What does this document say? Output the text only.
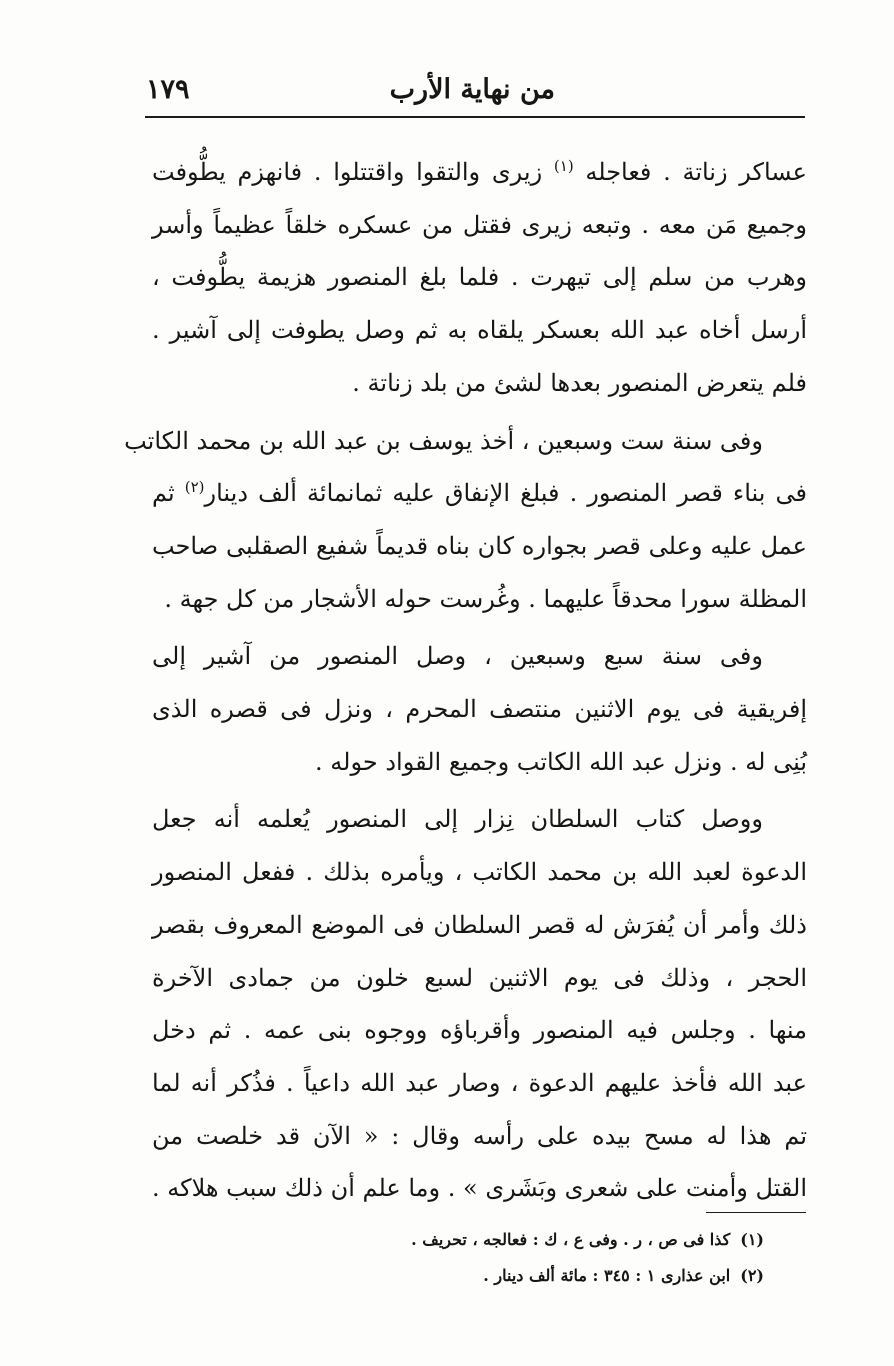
من نهاية الأرب
١٧٩

عساكر زناتة . فعاجله $^{(١)}$ زيرى والتقوا واقتتلوا . فانهزم يطُّوفت
وجميع مَن معه . وتبعه زيرى فقتل من عسكره خلقاً عظيماً وأسر
وهرب من سلم إلى تيهرت . فلما بلغ المنصور هزيمة يطُّوفت ،
أرسل أخاه عبد الله بعسكر يلقاه به ثم وصل يطوفت إلى آشير .
فلم يتعرض المنصور بعدها لشئ من بلد زناتة .

وفى سنة ست وسبعين ، أخذ يوسف بن عبد الله بن محمد الكاتب
فى بناء قصر المنصور . فبلغ الإنفاق عليه ثمانمائة ألف دينار$^{(٢)}$ ثم
عمل عليه وعلى قصر بجواره كان بناه قديماً شفيع الصقلبى صاحب
المظلة سورا محدقاً عليهما . وغُرست حوله الأشجار من كل جهة .

وفى سنة سبع وسبعين ، وصل المنصور من آشير إلى
إفريقية فى يوم الاثنين منتصف المحرم ، ونزل فى قصره الذى
بُنِى له . ونزل عبد الله الكاتب وجميع القواد حوله .

ووصل كتاب السلطان نِزار إلى المنصور يُعلمه أنه جعل
الدعوة لعبد الله بن محمد الكاتب ، ويأمره بذلك . ففعل المنصور
ذلك وأمر أن يُفرَش له قصر السلطان فى الموضع المعروف بقصر
الحجر ، وذلك فى يوم الاثنين لسبع خلون من جمادى الآخرة
منها . وجلس فيه المنصور وأقرباؤه ووجوه بنى عمه . ثم دخل
عبد الله فأخذ عليهم الدعوة ، وصار عبد الله داعياً . فذُكر أنه لما
تم هذا له مسح بيده على رأسه وقال : « الآن قد خلصت من
القتل وأمنت على شعرى وبَشَرى » . وما علم أن ذلك سبب هلاكه .

(١)كذا فى ص ، ر . وفى ع ، ك : فعالجه ، تحريف .
(٢)ابن عذارى ١ : ٣٤٥ : مائة ألف دينار .
